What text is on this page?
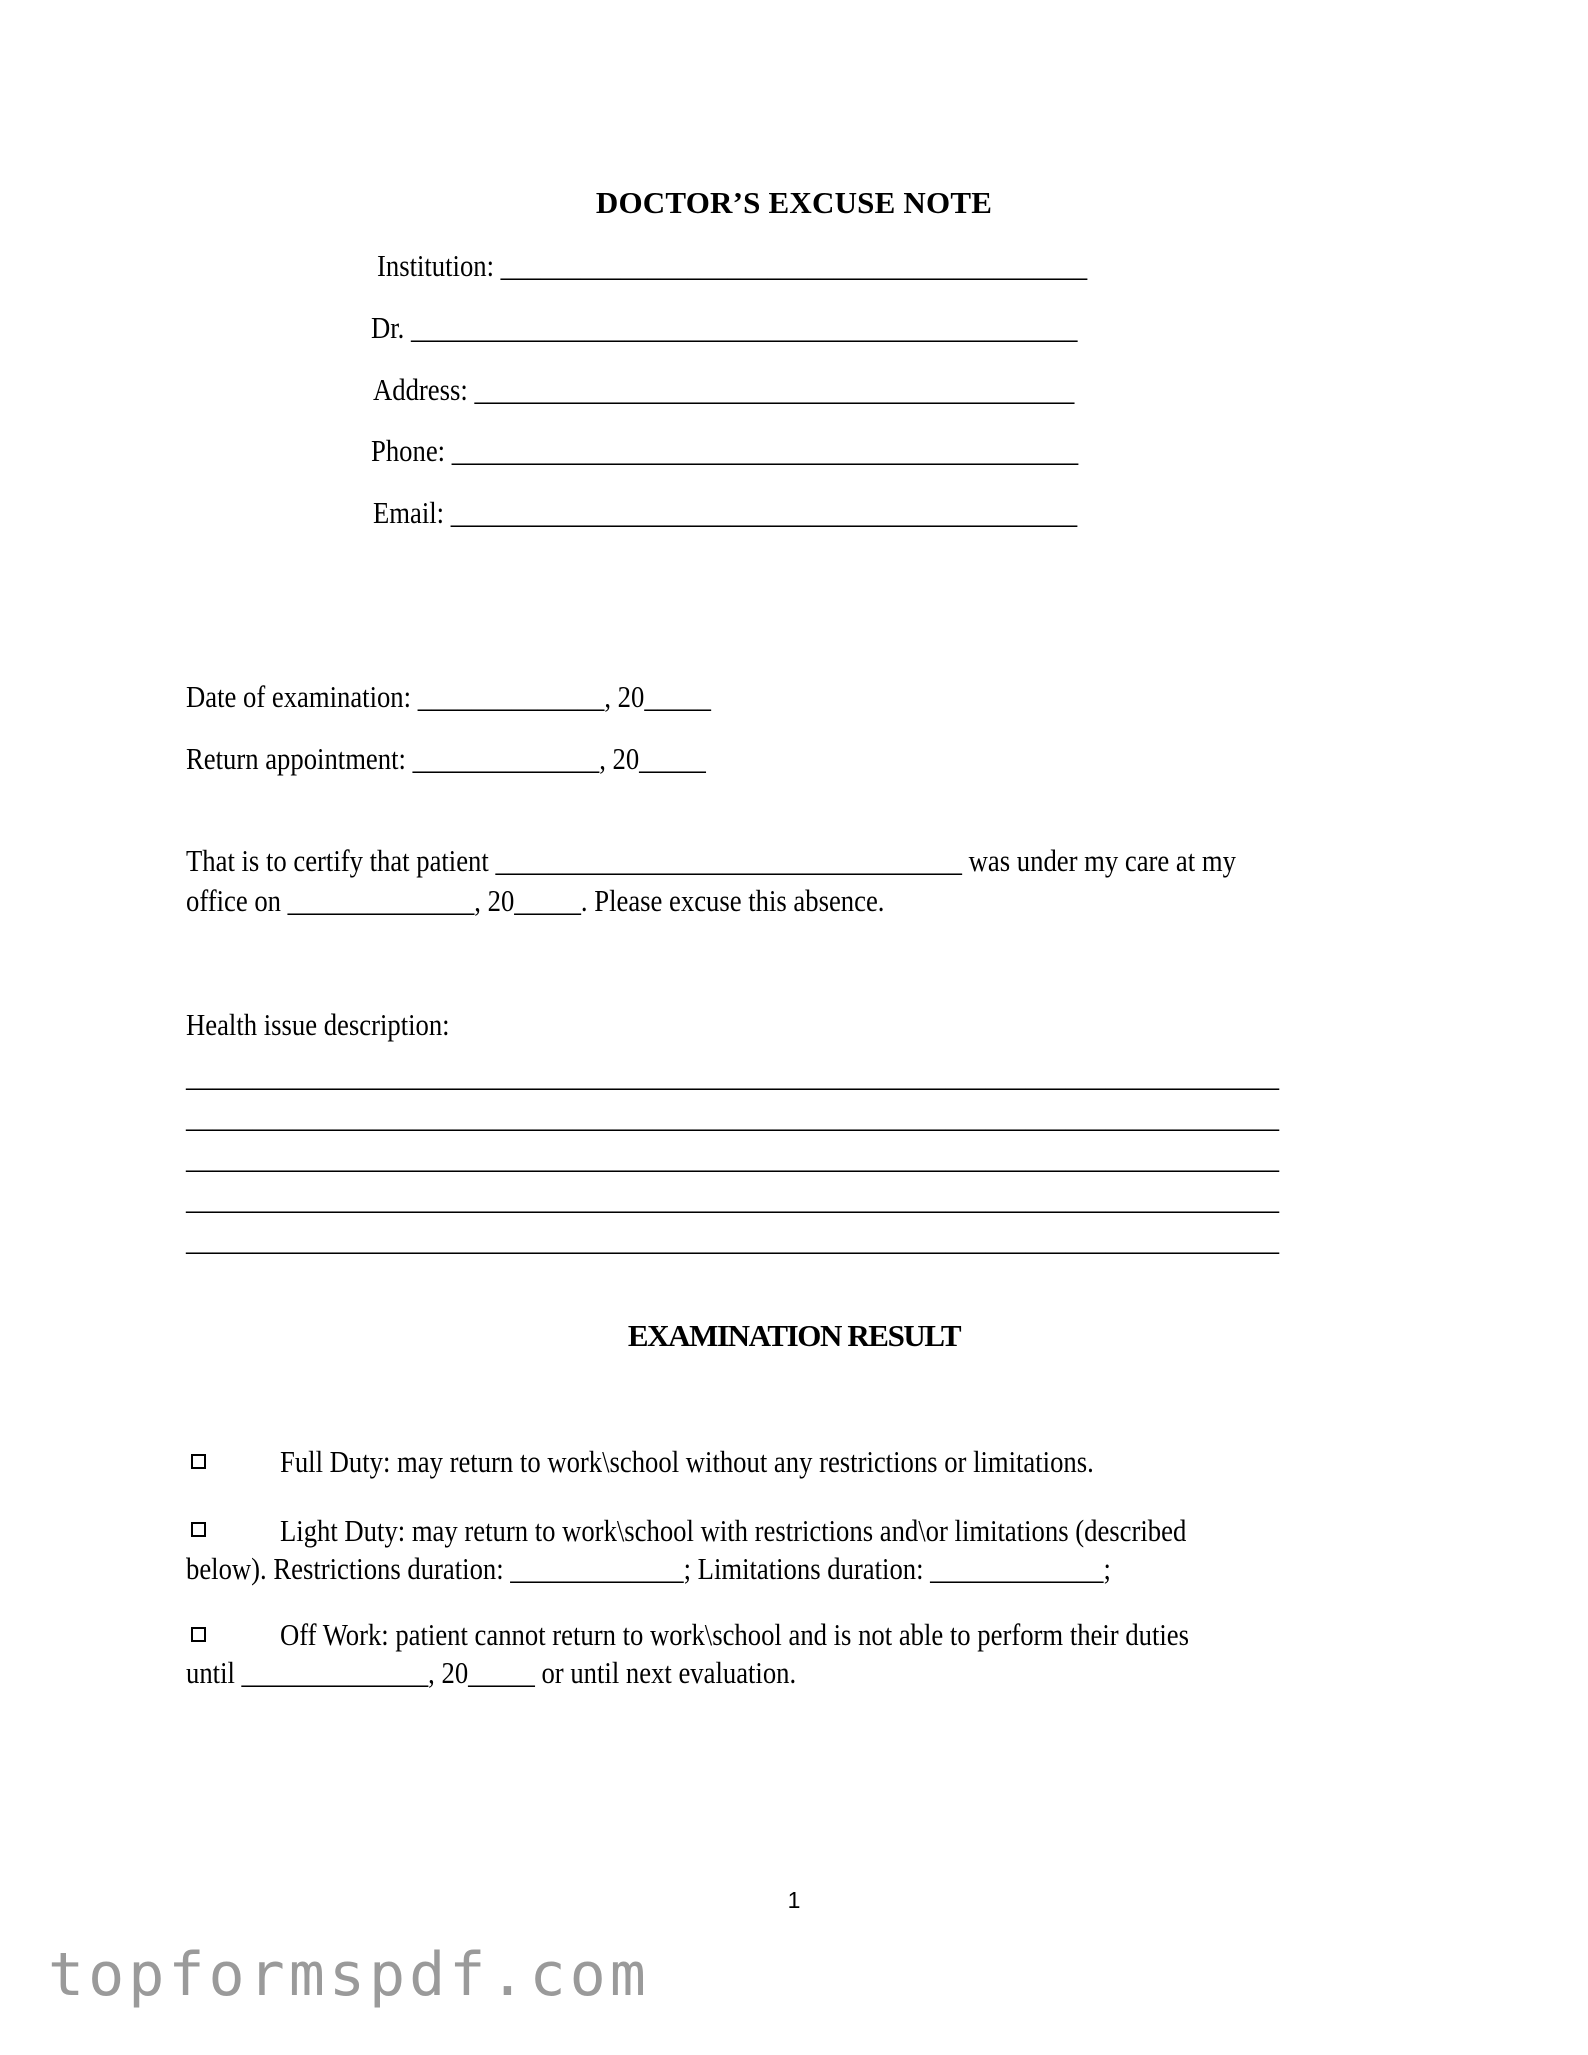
DOCTOR’S EXCUSE NOTE
Institution: ____________________________________________
Dr. __________________________________________________
Address: _____________________________________________
Phone: _______________________________________________
Email: _______________________________________________
Date of examination: ______________, 20_____
Return appointment: ______________, 20_____
That is to certify that patient ___________________________________ was under my care at my
office on ______________, 20_____. Please excuse this absence.
Health issue description:
__________________________________________________________________________________
__________________________________________________________________________________
__________________________________________________________________________________
__________________________________________________________________________________
__________________________________________________________________________________
EXAMINATION RESULT
Full Duty: may return to work\school without any restrictions or limitations.
Light Duty: may return to work\school with restrictions and\or limitations (described
below). Restrictions duration: _____________; Limitations duration: _____________;
Off Work: patient cannot return to work\school and is not able to perform their duties
until ______________, 20_____ or until next evaluation.
1
topformspdf.com
